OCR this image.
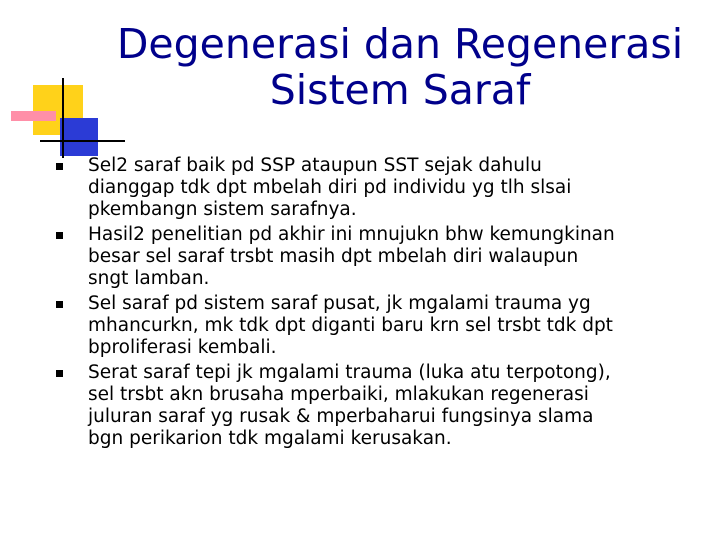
Degenerasi dan Regenerasi
Sistem Saraf
Sel2 saraf baik pd SSP ataupun SST sejak dahulu
dianggap tdk dpt mbelah diri pd individu yg tlh slsai
pkembangn sistem sarafnya.
Hasil2 penelitian pd akhir ini mnujukn bhw kemungkinan
besar sel saraf trsbt masih dpt mbelah diri walaupun
sngt lamban.
Sel saraf pd sistem saraf pusat, jk mgalami trauma yg
mhancurkn, mk tdk dpt diganti baru krn sel trsbt tdk dpt
bproliferasi kembali.
Serat saraf tepi jk mgalami trauma (luka atu terpotong),
sel trsbt akn brusaha mperbaiki, mlakukan regenerasi
juluran saraf yg rusak & mperbaharui fungsinya slama
bgn perikarion tdk mgalami kerusakan.
